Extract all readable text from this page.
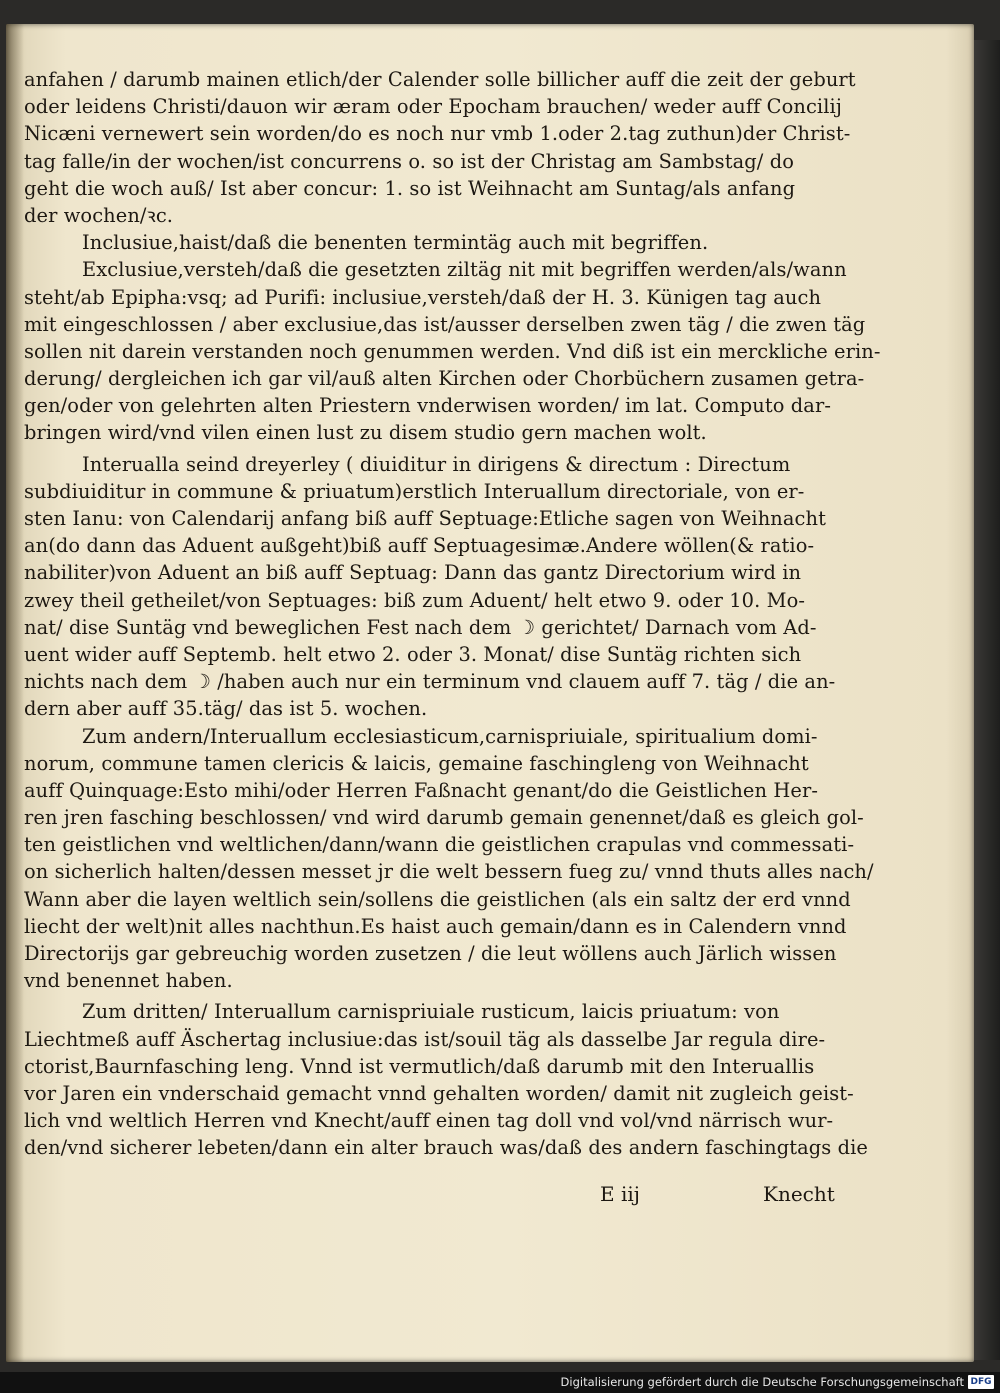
anfahen / darumb mainen etlich/der Calender solle billicher auff die zeit der geburt
oder leidens Christi/dauon wir æram oder Epocham brauchen/ weder auff Concilij
Nicæni vernewert sein worden/do es noch nur vmb 1.oder 2.tag zuthun)der Christ-
tag falle/in der wochen/ist concurrens o. so ist der Christag am Sambstag/ do
geht die woch auß/ Ist aber concur: 1. so ist Weihnacht am Suntag/als anfang
der wochen/ꝛc.
Inclusiue,haist/daß die benenten termintäg auch mit begriffen.
Exclusiue,versteh/daß die gesetzten ziltäg nit mit begriffen werden/als/wann
steht/ab Epipha:vsq; ad Purifi: inclusiue,versteh/daß der H. 3. Künigen tag auch
mit eingeschlossen / aber exclusiue,das ist/ausser derselben zwen täg / die zwen täg
sollen nit darein verstanden noch genummen werden. Vnd diß ist ein merckliche erin-
derung/ dergleichen ich gar vil/auß alten Kirchen oder Chorbüchern zusamen getra-
gen/oder von gelehrten alten Priestern vnderwisen worden/ im lat. Computo dar-
bringen wird/vnd vilen einen lust zu disem studio gern machen wolt.
Interualla seind dreyerley ( diuiditur in dirigens & directum : Directum
subdiuiditur in commune & priuatum)erstlich Interuallum directoriale, von er-
sten Ianu: von Calendarij anfang biß auff Septuage:Etliche sagen von Weihnacht
an(do dann das Aduent außgeht)biß auff Septuagesimæ.Andere wöllen(& ratio-
nabiliter)von Aduent an biß auff Septuag: Dann das gantz Directorium wird in
zwey theil getheilet/von Septuages: biß zum Aduent/ helt etwo 9. oder 10. Mo-
nat/ dise Suntäg vnd beweglichen Fest nach dem ☽ gerichtet/ Darnach vom Ad-
uent wider auff Septemb. helt etwo 2. oder 3. Monat/ dise Suntäg richten sich
nichts nach dem ☽ /haben auch nur ein terminum vnd clauem auff 7. täg / die an-
dern aber auff 35.täg/ das ist 5. wochen.
Zum andern/Interuallum ecclesiasticum,carnispriuiale, spiritualium domi-
norum, commune tamen clericis & laicis, gemaine faschingleng von Weihnacht
auff Quinquage:Esto mihi/oder Herren Faßnacht genant/do die Geistlichen Her-
ren jren fasching beschlossen/ vnd wird darumb gemain genennet/daß es gleich gol-
ten geistlichen vnd weltlichen/dann/wann die geistlichen crapulas vnd commessati-
on sicherlich halten/dessen messet jr die welt bessern fueg zu/ vnnd thuts alles nach/
Wann aber die layen weltlich sein/sollens die geistlichen (als ein saltz der erd vnnd
liecht der welt)nit alles nachthun.Es haist auch gemain/dann es in Calendern vnnd
Directorijs gar gebreuchig worden zusetzen / die leut wöllens auch Järlich wissen
vnd benennet haben.
Zum dritten/ Interuallum carnispriuiale rusticum, laicis priuatum: von
Liechtmeß auff Äschertag inclusiue:das ist/souil täg als dasselbe Jar regula dire-
ctorist,Baurnfasching leng. Vnnd ist vermutlich/daß darumb mit den Interuallis
vor Jaren ein vnderschaid gemacht vnnd gehalten worden/ damit nit zugleich geist-
lich vnd weltlich Herren vnd Knecht/auff einen tag doll vnd vol/vnd närrisch wur-
den/vnd sicherer lebeten/dann ein alter brauch was/daß des andern faschingtags die
E iij	Knecht
Digitalisierung gefördert durch die Deutsche Forschungsgemeinschaft DFG
